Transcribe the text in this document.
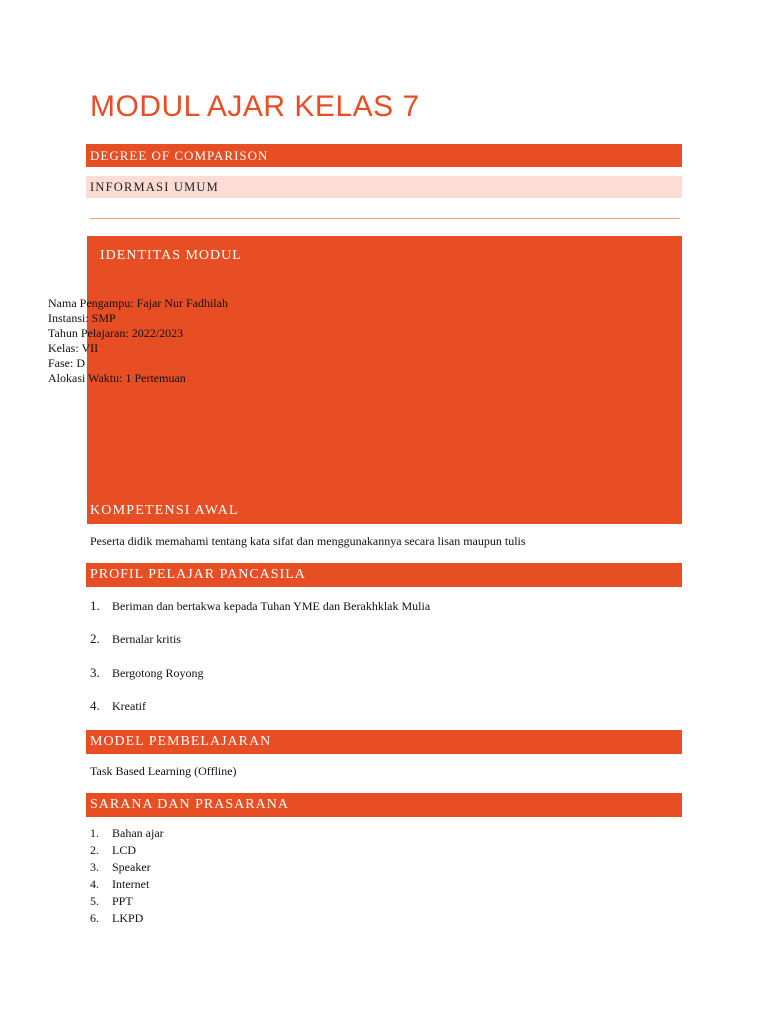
MODUL AJAR KELAS 7
DEGREE OF COMPARISON
INFORMASI UMUM
IDENTITAS MODUL
Nama Pengampu: Fajar Nur Fadhilah
Instansi: SMP
Tahun Pelajaran: 2022/2023
Kelas: VII
Fase: D
Alokasi Waktu: 1 Pertemuan
KOMPETENSI AWAL
Peserta didik memahami tentang kata sifat dan menggunakannya secara lisan maupun tulis
PROFIL PELAJAR PANCASILA
1. Beriman dan bertakwa kepada Tuhan YME dan Berakhklak Mulia
2. Bernalar kritis
3. Bergotong Royong
4. Kreatif
MODEL PEMBELAJARAN
Task Based Learning (Offline)
SARANA DAN PRASARANA
1. Bahan ajar
2. LCD
3. Speaker
4. Internet
5. PPT
6. LKPD
